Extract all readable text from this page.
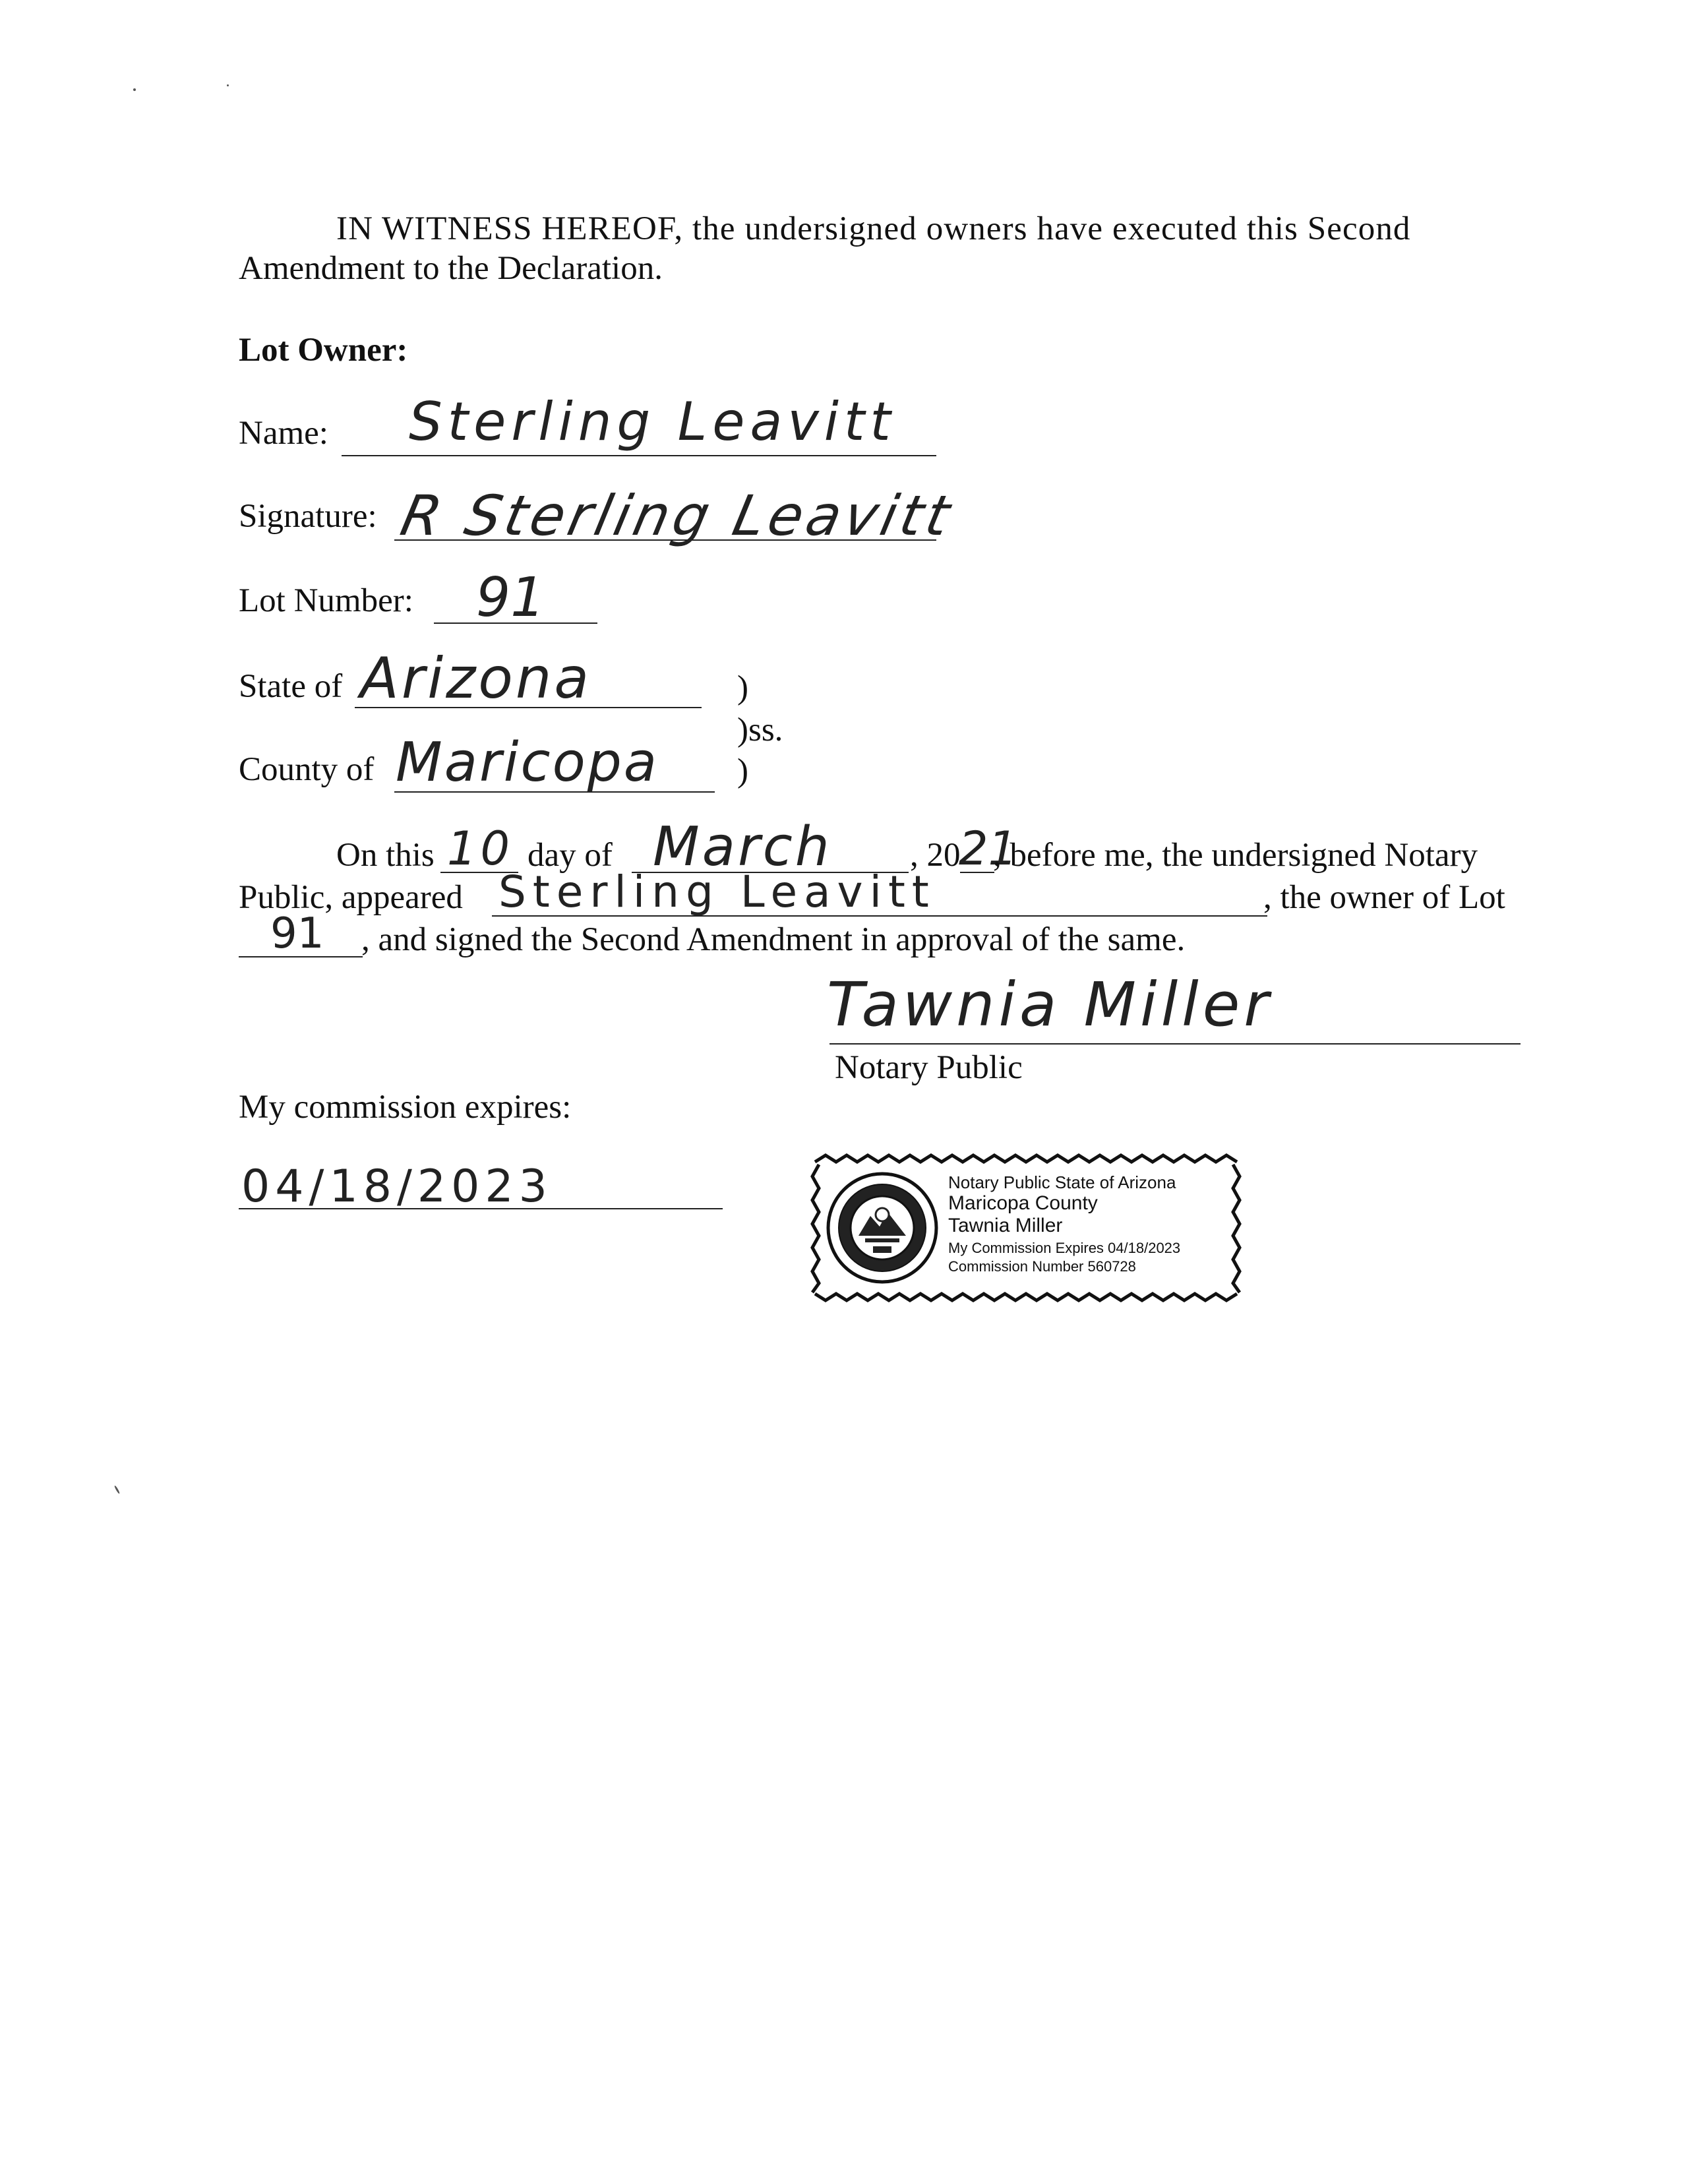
IN WITNESS HEREOF, the undersigned owners have executed this Second
Amendment to the Declaration.
Lot Owner:
Name: Sterling Leavitt
Signature: R Sterling Leavitt
Lot Number: 91
State of Arizona	)
)ss.
County of Maricopa )
On this 10 day of March , 20
21
, before me, the undersigned Notary
Public, appeared Sterling Leavitt	, the owner of Lot
91 , and signed the Second Amendment in approval of the same.
Tawnia Miller
Notary Public
My commission expires:
04/18/2023	Notary Public State of Arizona
Maricopa County
Tawnia Miller
My Commission Expires 04/18/2023
Commission Number 560728
